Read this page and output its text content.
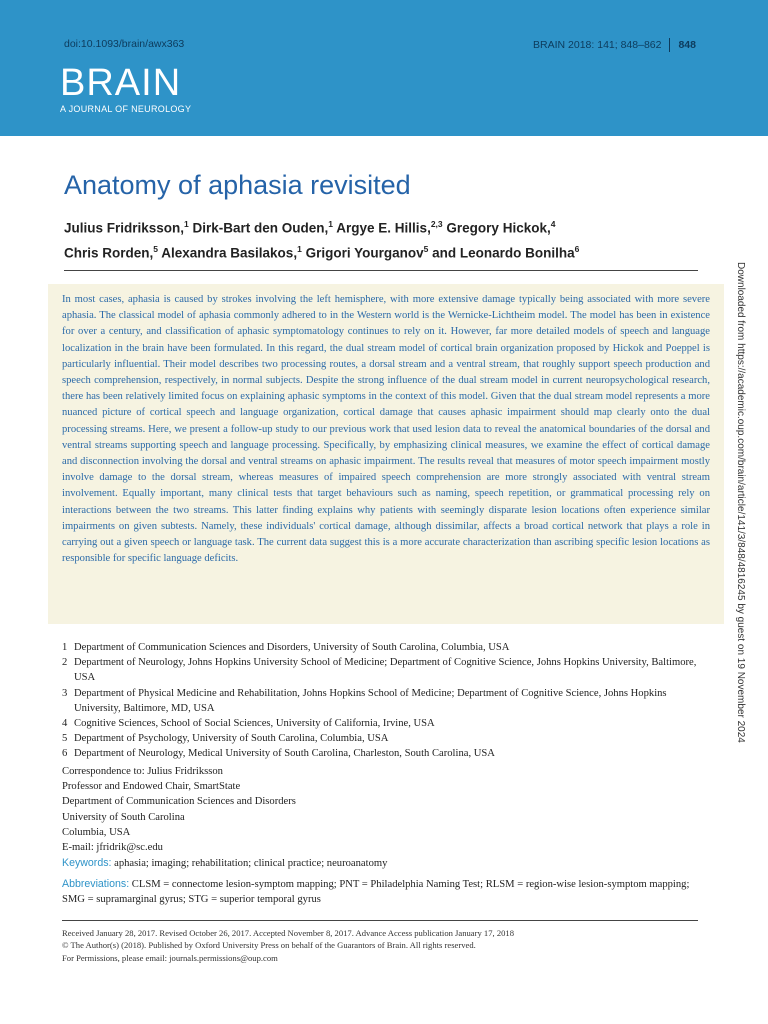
doi:10.1093/brain/awx363	BRAIN 2018: 141; 848–862 848
BRAIN
A JOURNAL OF NEUROLOGY
Anatomy of aphasia revisited
Julius Fridriksson,$^1$ Dirk-Bart den Ouden,$^1$ Argye E. Hillis,$^{2,3}$ Gregory Hickok,$^4$
Chris Rorden,$^5$ Alexandra Basilakos,$^1$ Grigori Yourganov$^5$ and Leonardo Bonilha$^6$

In most cases, aphasia is caused by strokes involving the left hemisphere, with more extensive damage typically being associated with more severe aphasia. The classical model of aphasia commonly adhered to in the Western world is the Wernicke-Lichtheim model. The model has been in existence for over a century, and classification of aphasic symptomatology continues to rely on it. However, far more detailed models of speech and language localization in the brain have been formulated. In this regard, the dual stream model of cortical brain organization proposed by Hickok and Poeppel is particularly influential. Their model describes two processing routes, a dorsal stream and a ventral stream, that roughly support speech production and speech comprehension, respectively, in normal subjects. Despite the strong influence of the dual stream model in current neuropsychological research, there has been relatively limited focus on explaining aphasic symptoms in the context of this model. Given that the dual stream model represents a more nuanced picture of cortical speech and language organization, cortical damage that causes aphasic impairment should map clearly onto the dual processing streams. Here, we present a follow-up study to our previous work that used lesion data to reveal the anatomical boundaries of the dorsal and ventral streams supporting speech and language processing. Specifically, by emphasizing clinical measures, we examine the effect of cortical damage and disconnection involving the dorsal and ventral streams on aphasic impairment. The results reveal that measures of motor speech impairment mostly involve damage to the dorsal stream, whereas measures of impaired speech comprehension are more strongly associated with ventral stream involvement. Equally important, many clinical tests that target behaviours such as naming, speech repetition, or grammatical processing rely on interactions between the two streams. This latter finding explains why patients with seemingly disparate lesion locations often experience similar impairments on given subtests. Namely, these individuals' cortical damage, although dissimilar, affects a broad cortical network that plays a role in carrying out a given speech or language task. The current data suggest this is a more accurate characterization than ascribing specific lesion locations as responsible for specific language deficits.

1 Department of Communication Sciences and Disorders, University of South Carolina, Columbia, USA
2 Department of Neurology, Johns Hopkins University School of Medicine; Department of Cognitive Science, Johns Hopkins University, Baltimore, USA
3 Department of Physical Medicine and Rehabilitation, Johns Hopkins School of Medicine; Department of Cognitive Science, Johns Hopkins University, Baltimore, MD, USA
4 Cognitive Sciences, School of Social Sciences, University of California, Irvine, USA
5 Department of Psychology, University of South Carolina, Columbia, USA
6 Department of Neurology, Medical University of South Carolina, Charleston, South Carolina, USA
Correspondence to: Julius Fridriksson
Professor and Endowed Chair, SmartState
Department of Communication Sciences and Disorders
University of South Carolina
Columbia, USA
E-mail: jfridrik@sc.edu
Keywords: aphasia; imaging; rehabilitation; clinical practice; neuroanatomy
Abbreviations: CLSM = connectome lesion-symptom mapping; PNT = Philadelphia Naming Test; RLSM = region-wise lesion-symptom mapping; SMG = supramarginal gyrus; STG = superior temporal gyrus
Received January 28, 2017. Revised October 26, 2017. Accepted November 8, 2017. Advance Access publication January 17, 2018
© The Author(s) (2018). Published by Oxford University Press on behalf of the Guarantors of Brain. All rights reserved.
For Permissions, please email: journals.permissions@oup.com
Downloaded from https://academic.oup.com/brain/article/141/3/848/4816245 by guest on 19 November 2024
